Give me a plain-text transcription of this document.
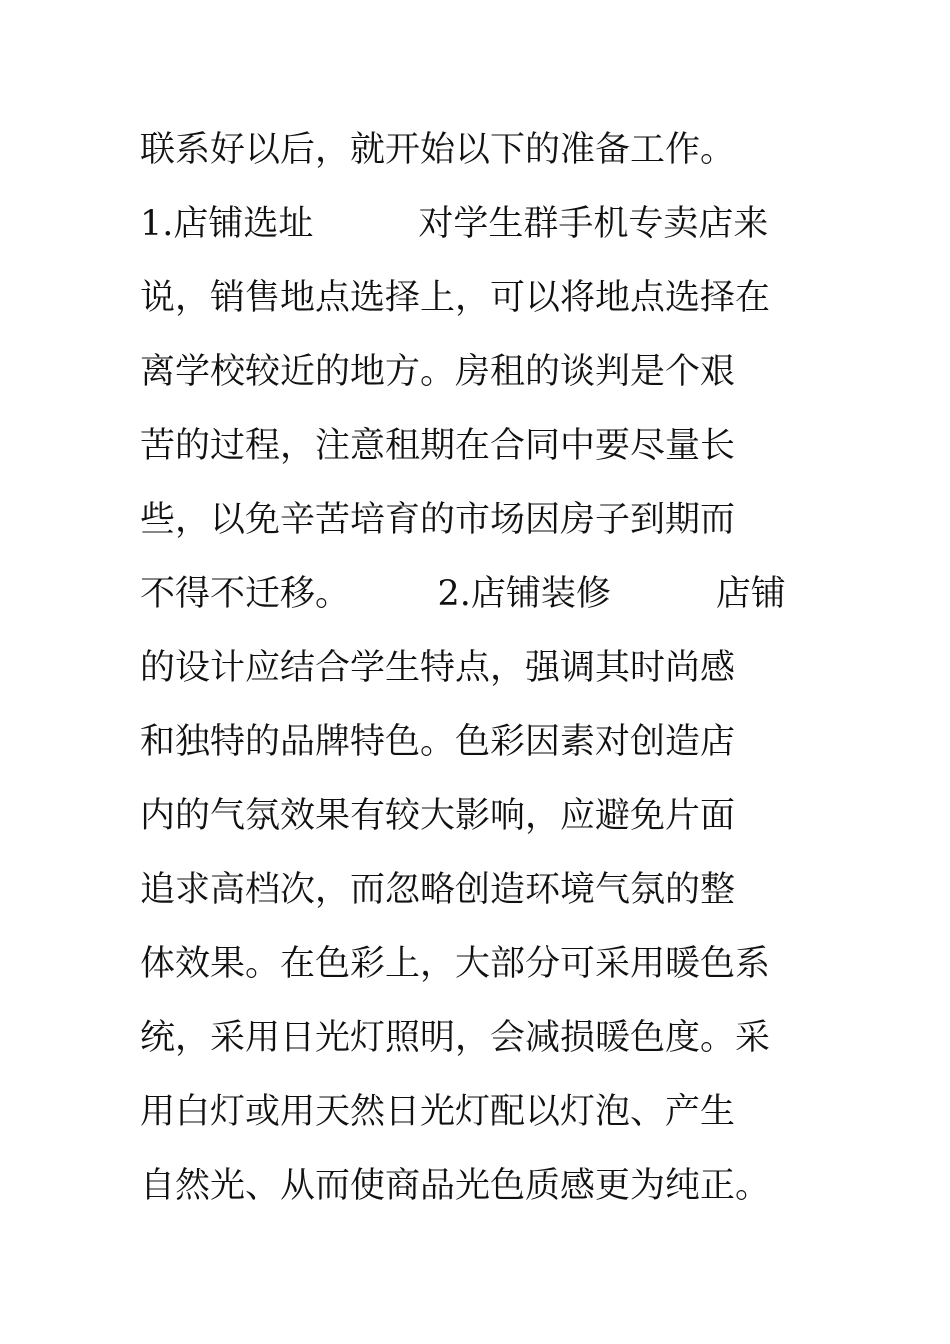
联系好以后，就开始以下的准备工作。
1.店铺选址　　　对学生群手机专卖店来
说，销售地点选择上，可以将地点选择在
离学校较近的地方。房租的谈判是个艰
苦的过程，注意租期在合同中要尽量长
些，以免辛苦培育的市场因房子到期而
不得不迁移。　　　2.店铺装修　　　店铺
的设计应结合学生特点，强调其时尚感
和独特的品牌特色。色彩因素对创造店
内的气氛效果有较大影响，应避免片面
追求高档次，而忽略创造环境气氛的整
体效果。在色彩上，大部分可采用暖色系
统，采用日光灯照明，会减损暖色度。采
用白灯或用天然日光灯配以灯泡、产生
自然光、从而使商品光色质感更为纯正。
